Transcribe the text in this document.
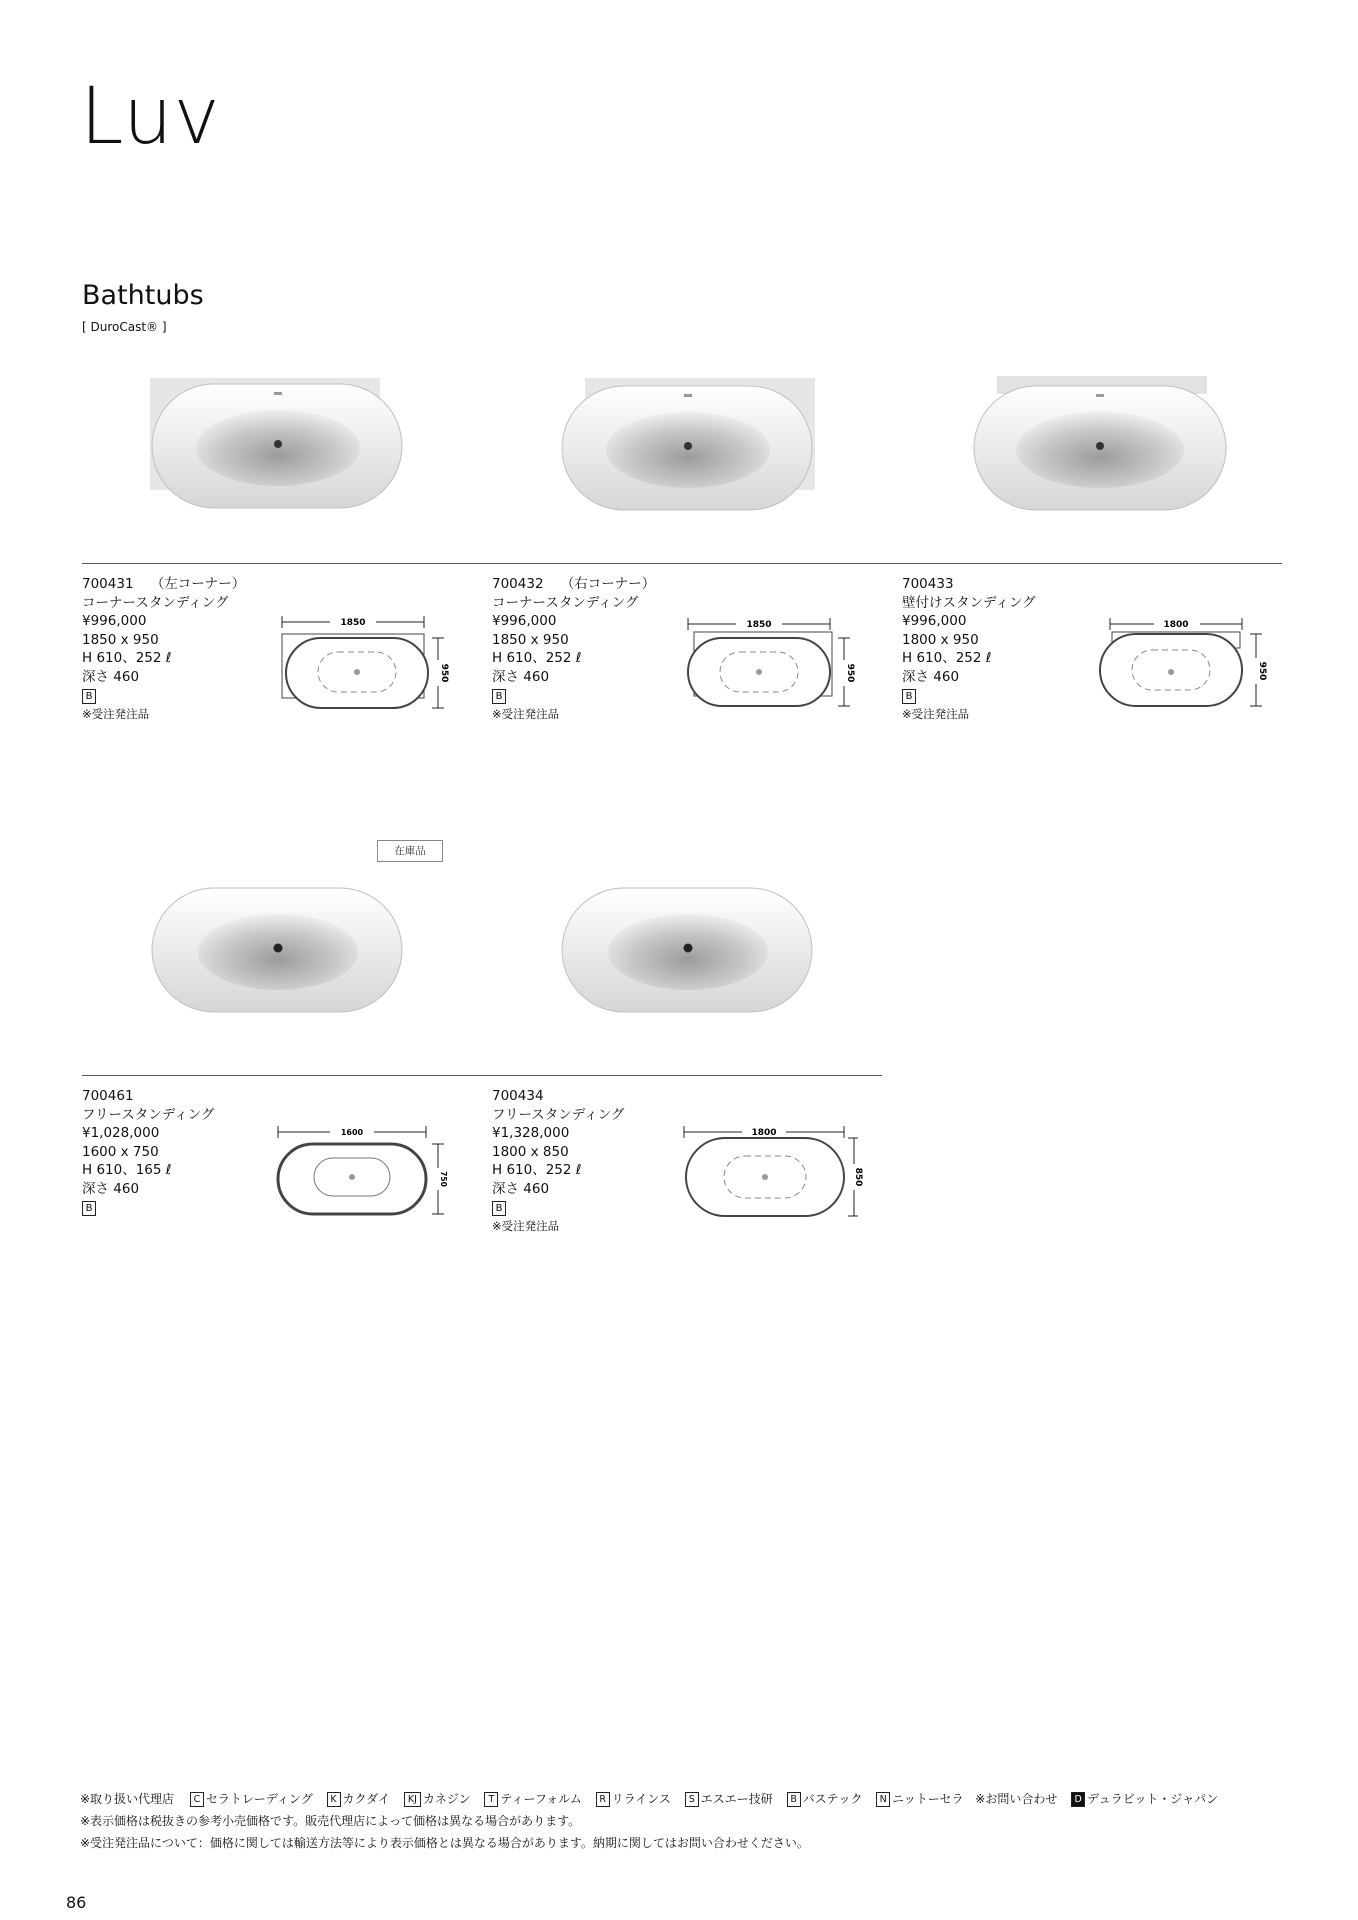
Luv
Bathtubs
[ DuroCast® ]
700431 （左コーナー）
コーナースタンディング
¥996,000
1850 x 950
H 610、252 ℓ
深さ 460
B
※受注発注品
700432 （右コーナー）
コーナースタンディング
¥996,000
1850 x 950
H 610、252 ℓ
深さ 460
B
※受注発注品
700433
壁付けスタンディング
¥996,000
1800 x 950
H 610、252 ℓ
深さ 460
B
※受注発注品
1850
950
1850
950
1800
950
在庫品
700461
フリースタンディング
¥1,028,000
1600 x 750
H 610、165 ℓ
深さ 460
B
700434
フリースタンディング
¥1,328,000
1800 x 850
H 610、252 ℓ
深さ 460
B
※受注発注品
1600
750
1800
850
※取り扱い代理店 C セラトレーディング K カクダイ KJ カネジン T ティーフォルム R リラインス S エスエー技研 B バステック N ニットーセラ ※お問い合わせ D デュラビット・ジャパン
※表示価格は税抜きの参考小売価格です。販売代理店によって価格は異なる場合があります。
※受注発注品について：価格に関しては輸送方法等により表示価格とは異なる場合があります。納期に関してはお問い合わせください。
86
